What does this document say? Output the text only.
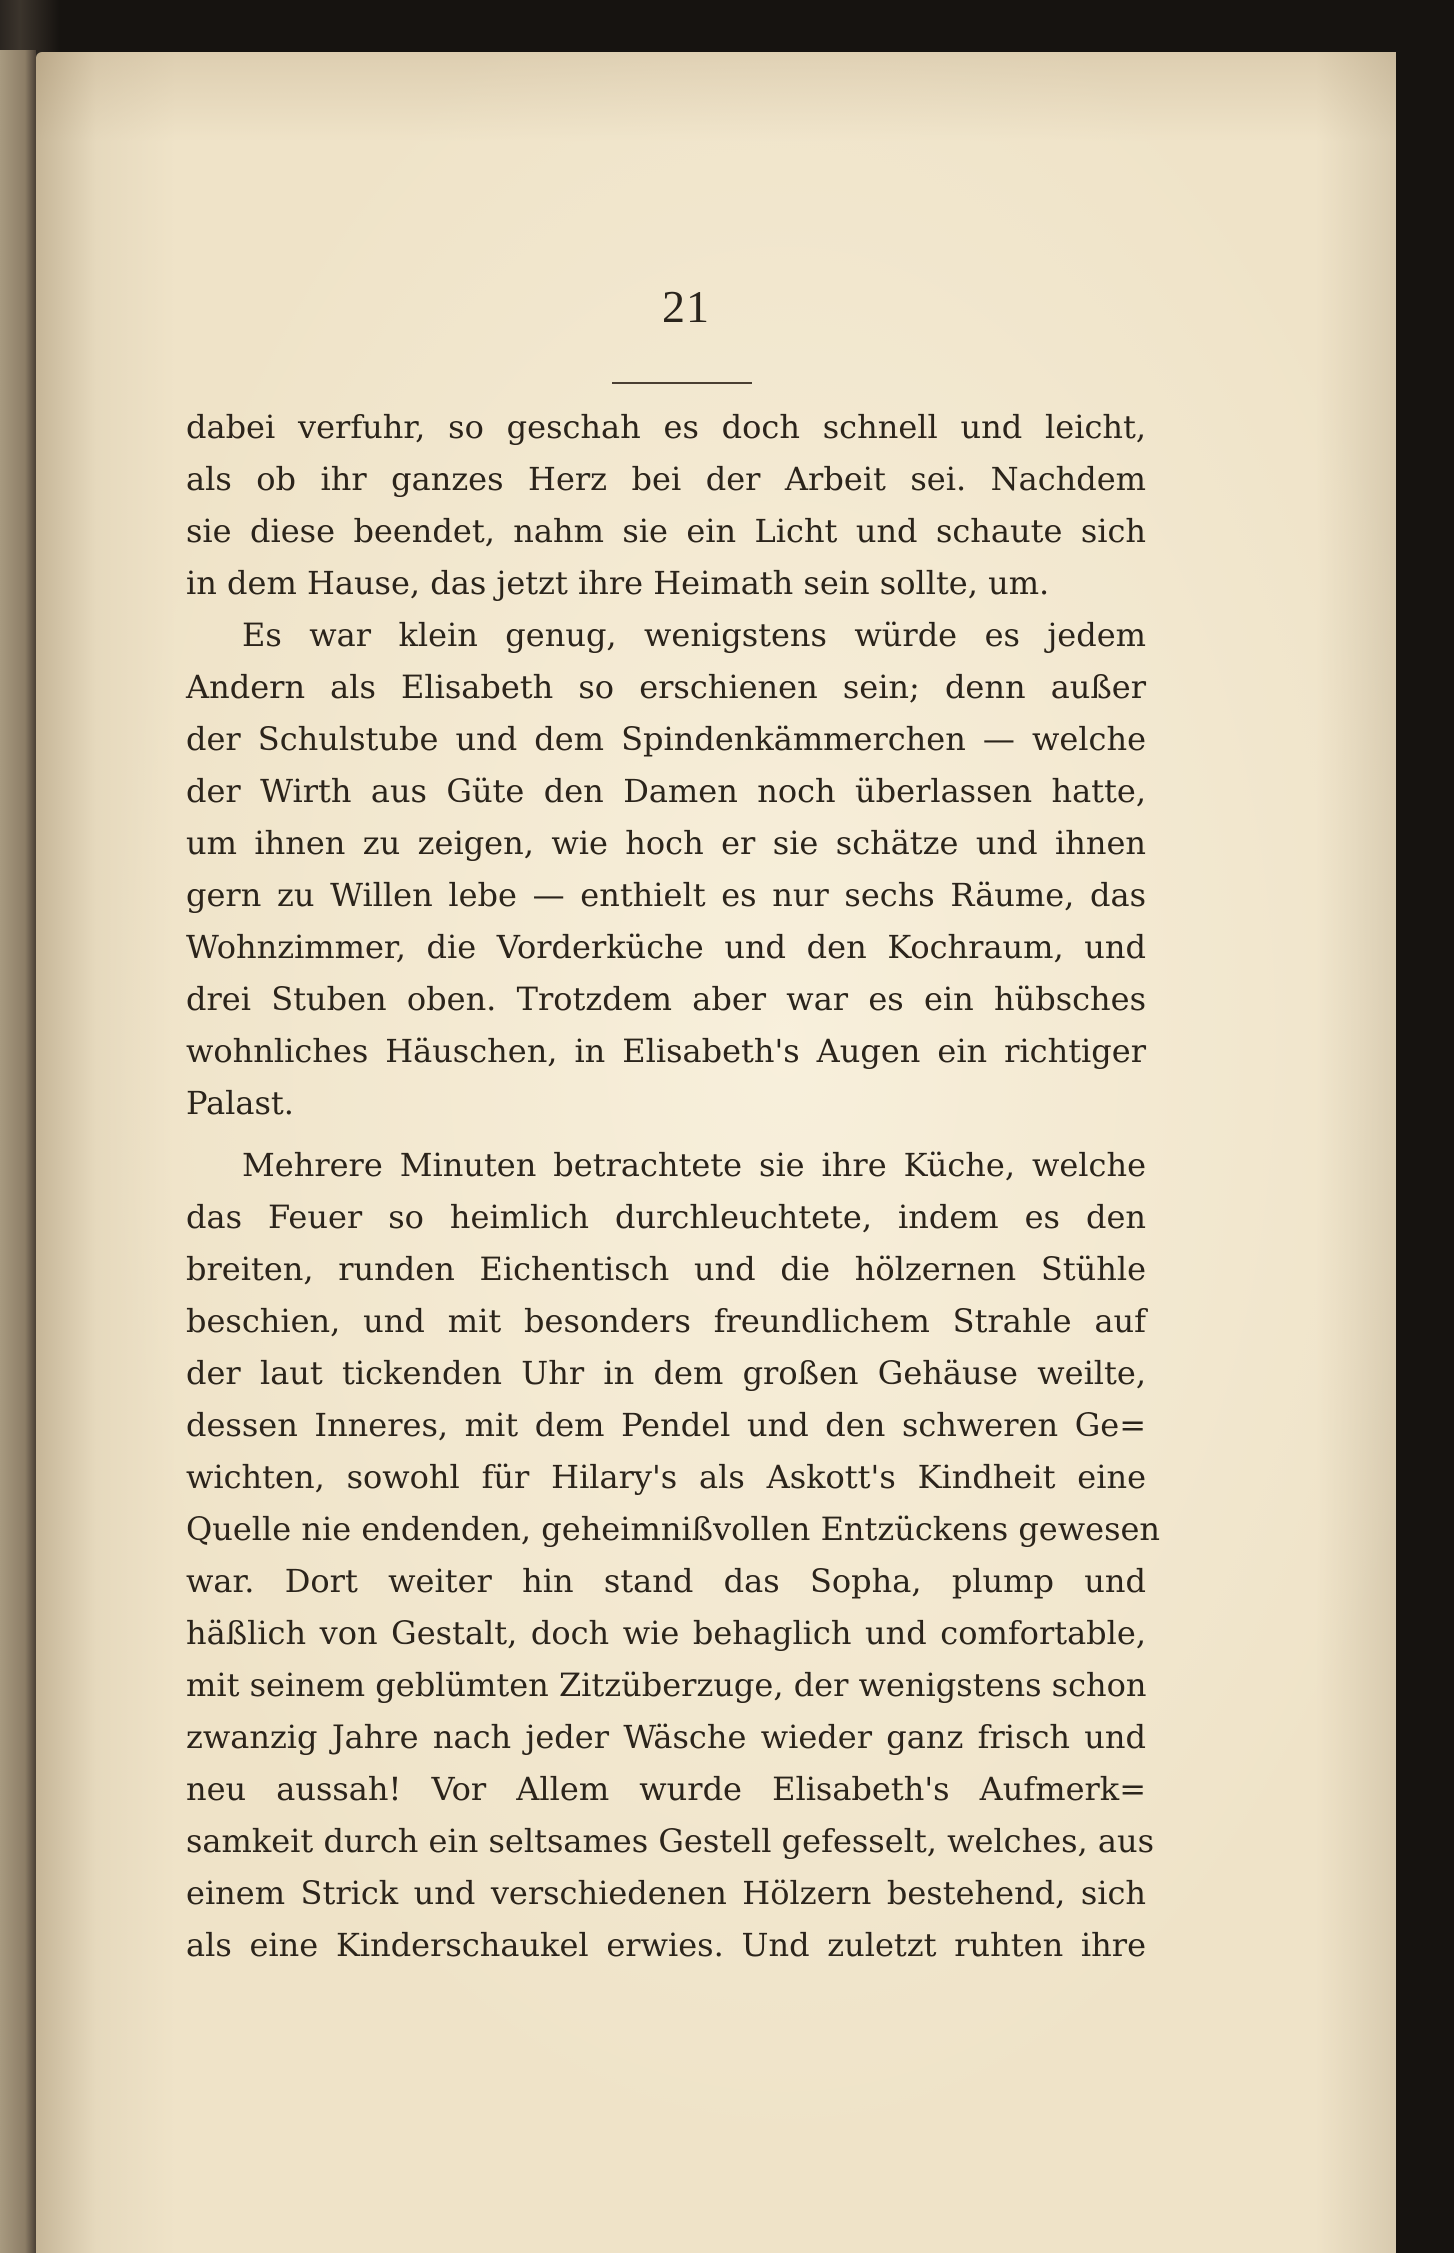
21
dabei verfuhr, so geschah es doch schnell und leicht,
als ob ihr ganzes Herz bei der Arbeit sei. Nachdem
sie diese beendet, nahm sie ein Licht und schaute sich
in dem Hause, das jetzt ihre Heimath sein sollte, um.
Es war klein genug, wenigstens würde es jedem
Andern als Elisabeth so erschienen sein; denn außer
der Schulstube und dem Spindenkämmerchen — welche
der Wirth aus Güte den Damen noch überlassen hatte,
um ihnen zu zeigen, wie hoch er sie schätze und ihnen
gern zu Willen lebe — enthielt es nur sechs Räume, das
Wohnzimmer, die Vorderküche und den Kochraum, und
drei Stuben oben. Trotzdem aber war es ein hübsches
wohnliches Häuschen, in Elisabeth's Augen ein richtiger
Palast.
Mehrere Minuten betrachtete sie ihre Küche, welche
das Feuer so heimlich durchleuchtete, indem es den
breiten, runden Eichentisch und die hölzernen Stühle
beschien, und mit besonders freundlichem Strahle auf
der laut tickenden Uhr in dem großen Gehäuse weilte,
dessen Inneres, mit dem Pendel und den schweren Ge=
wichten, sowohl für Hilary's als Askott's Kindheit eine
Quelle nie endenden, geheimnißvollen Entzückens gewesen
war. Dort weiter hin stand das Sopha, plump und
häßlich von Gestalt, doch wie behaglich und comfortable,
mit seinem geblümten Zitzüberzuge, der wenigstens schon
zwanzig Jahre nach jeder Wäsche wieder ganz frisch und
neu aussah! Vor Allem wurde Elisabeth's Aufmerk=
samkeit durch ein seltsames Gestell gefesselt, welches, aus
einem Strick und verschiedenen Hölzern bestehend, sich
als eine Kinderschaukel erwies. Und zuletzt ruhten ihre
